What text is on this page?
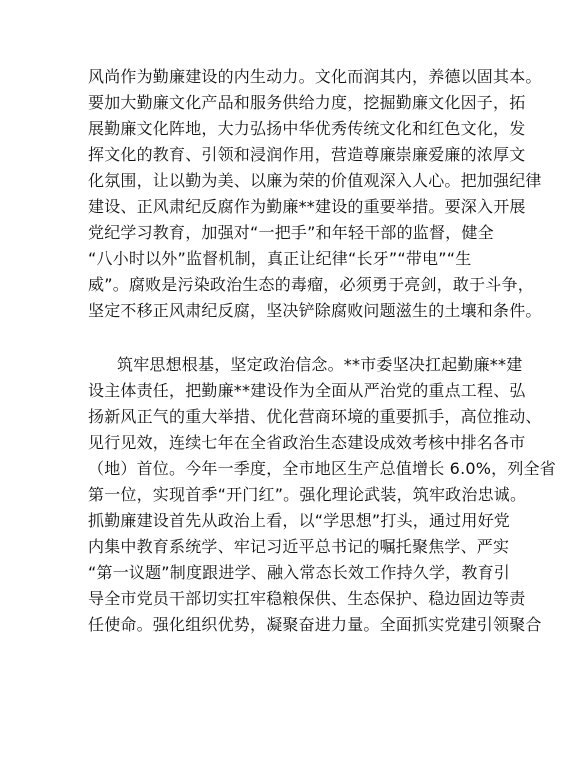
风尚作为勤廉建设的内生动力。文化而润其内，养德以固其本。
要加大勤廉文化产品和服务供给力度，挖掘勤廉文化因子，拓
展勤廉文化阵地，大力弘扬中华优秀传统文化和红色文化，发
挥文化的教育、引领和浸润作用，营造尊廉崇廉爱廉的浓厚文
化氛围，让以勤为美、以廉为荣的价值观深入人心。把加强纪律
建设、正风肃纪反腐作为勤廉**建设的重要举措。要深入开展
党纪学习教育，加强对“一把手”和年轻干部的监督，健全
“八小时以外”监督机制，真正让纪律“长牙”“带电”“生
威”。腐败是污染政治生态的毒瘤，必须勇于亮剑，敢于斗争，
坚定不移正风肃纪反腐，坚决铲除腐败问题滋生的土壤和条件。
筑牢思想根基，坚定政治信念。**市委坚决扛起勤廉**建
设主体责任，把勤廉**建设作为全面从严治党的重点工程、弘
扬新风正气的重大举措、优化营商环境的重要抓手，高位推动、
见行见效，连续七年在全省政治生态建设成效考核中排名各市
（地）首位。今年一季度，全市地区生产总值增长 6.0%，列全省
第一位，实现首季“开门红”。强化理论武装，筑牢政治忠诚。
抓勤廉建设首先从政治上看，以“学思想”打头，通过用好党
内集中教育系统学、牢记习近平总书记的嘱托聚焦学、严实
“第一议题”制度跟进学、融入常态长效工作持久学，教育引
导全市党员干部切实扛牢稳粮保供、生态保护、稳边固边等责
任使命。强化组织优势，凝聚奋进力量。全面抓实党建引领聚合
